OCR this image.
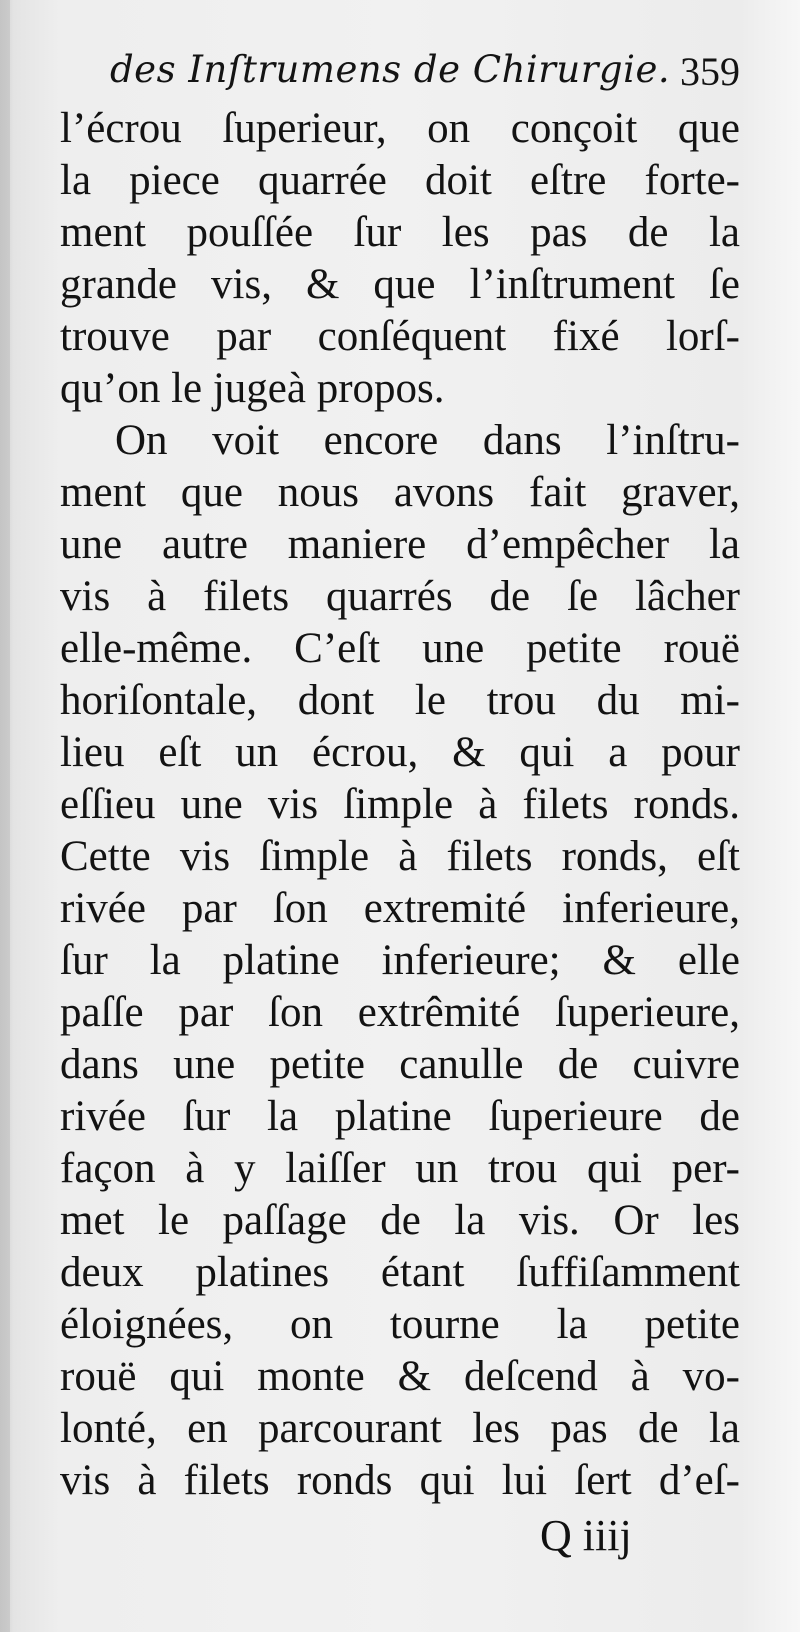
des Inſtrumens de Chirurgie. 359
l’écrou ſuperieur, on conçoit que
la piece quarrée doit eſtre forte-
ment pouſſée ſur les pas de la
grande vis, & que l’inſtrument ſe
trouve par conſéquent fixé lorſ-
qu’on le jugeà propos.
On voit encore dans l’inſtru-
ment que nous avons fait graver,
une autre maniere d’empêcher la
vis à filets quarrés de ſe lâcher
elle-même. C’eſt une petite rouë
horiſontale, dont le trou du mi-
lieu eſt un écrou, & qui a pour
eſſieu une vis ſimple à filets ronds.
Cette vis ſimple à filets ronds, eſt
rivée par ſon extremité inferieure,
ſur la platine inferieure; & elle
paſſe par ſon extrêmité ſuperieure,
dans une petite canulle de cuivre
rivée ſur la platine ſuperieure de
façon à y laiſſer un trou qui per-
met le paſſage de la vis. Or les
deux platines étant ſuffiſamment
éloignées, on tourne la petite
rouë qui monte & deſcend à vo-
lonté, en parcourant les pas de la
vis à filets ronds qui lui ſert d’eſ-
Q iiij
